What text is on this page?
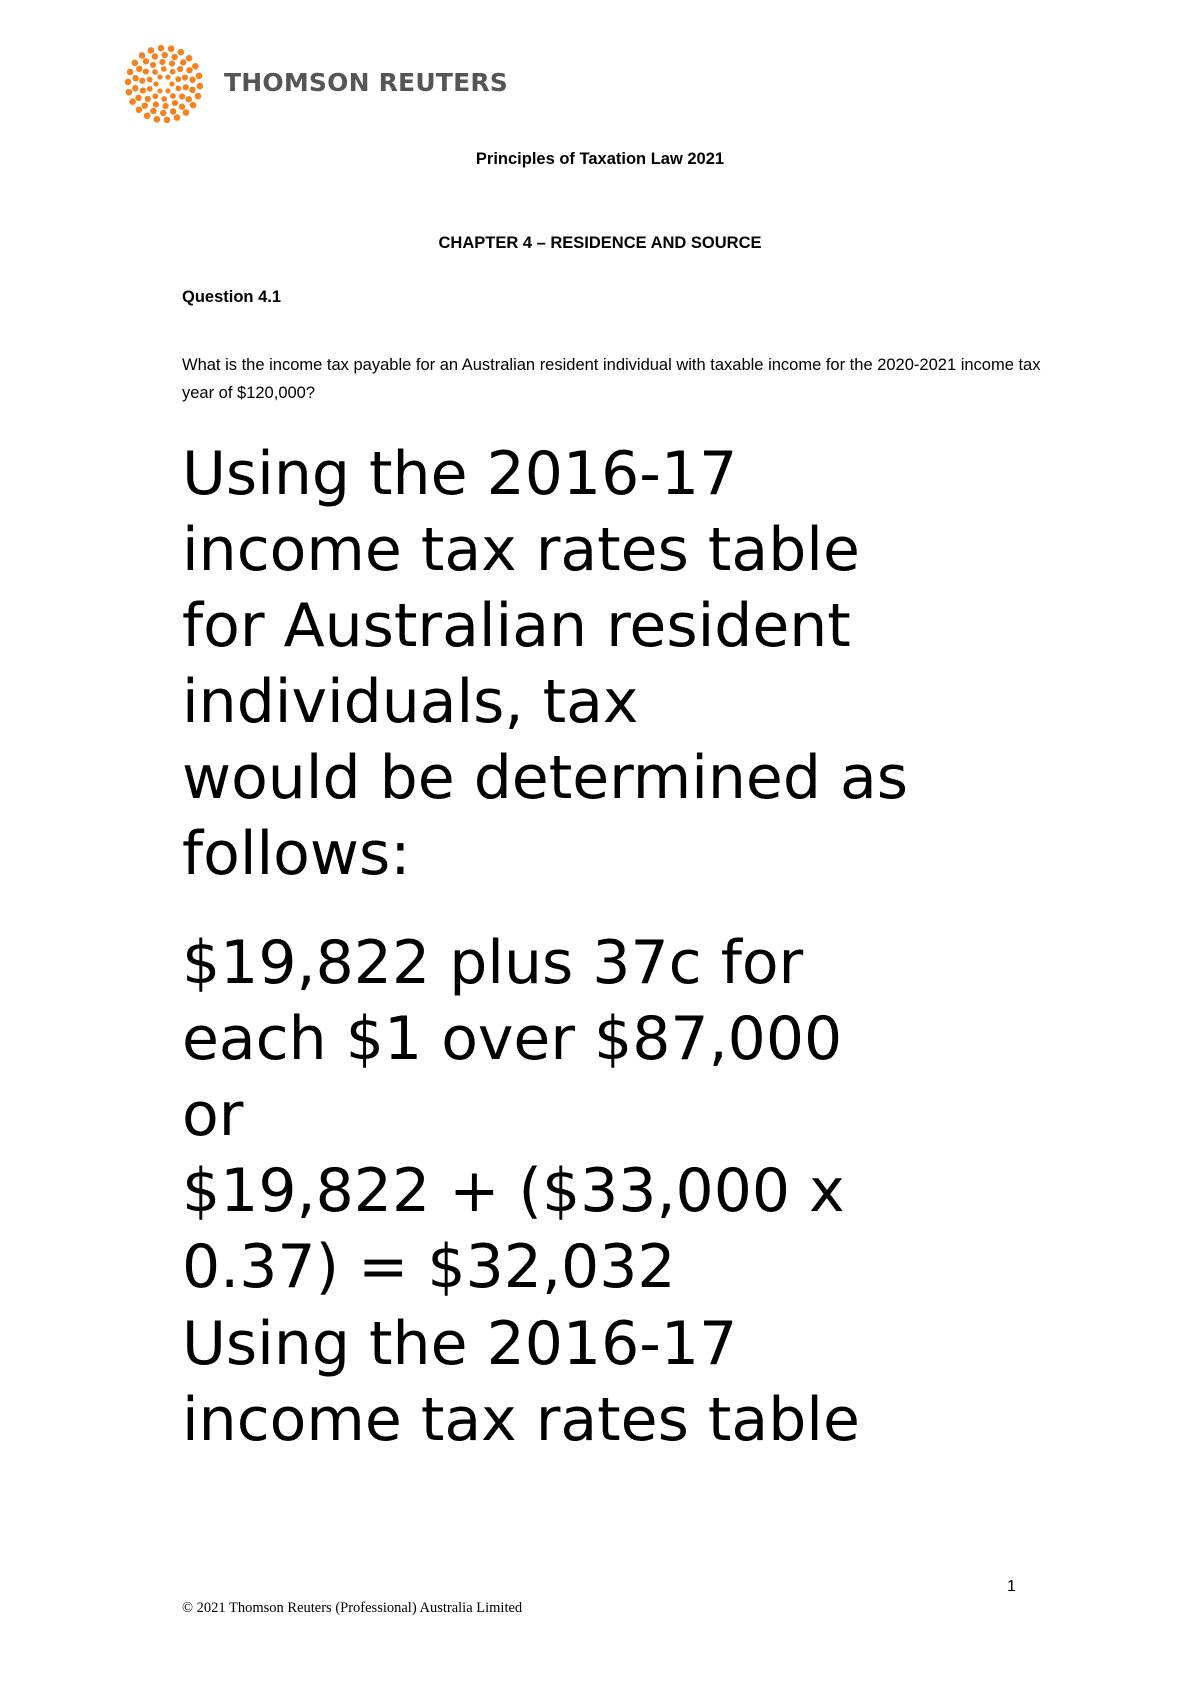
THOMSON REUTERS
Principles of Taxation Law 2021
CHAPTER 4 – RESIDENCE AND SOURCE
Question 4.1
What is the income tax payable for an Australian resident individual with taxable income for the 2020-2021 income tax year of $120,000?
Using the 2016-17
income tax rates table
for Australian resident
individuals, tax
would be determined as
follows:
$19,822 plus 37c for
each $1 over $87,000
or
$19,822 + ($33,000 x
0.37) = $32,032
Using the 2016-17
income tax rates table
1
© 2021 Thomson Reuters (Professional) Australia Limited
